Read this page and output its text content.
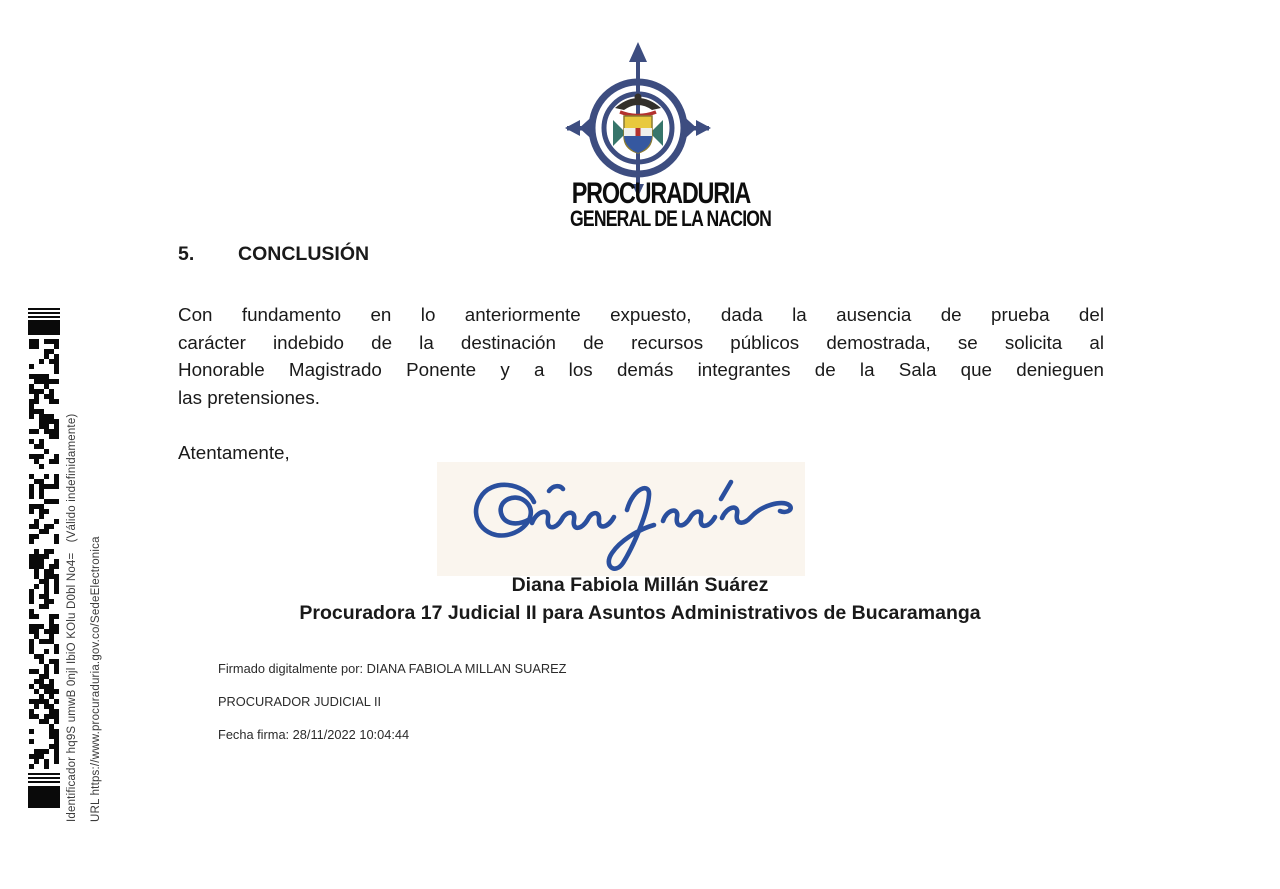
Identificador hq9S umwB 0njl IbiO KOlu D0bl No4=   (Válido indefinidamente) URL https://www.procuraduria.gov.co/SedeElectronica
PROCURADURIA
GENERAL DE LA NACION
5. CONCLUSIÓN
Con fundamento en lo anteriormente expuesto, dada la ausencia de prueba del
carácter indebido de la destinación de recursos públicos demostrada, se solicita al
Honorable Magistrado Ponente y a los demás integrantes de la Sala que denieguen
las pretensiones.
Atentamente,
Diana Fabiola Millán Suárez
Procuradora 17 Judicial II para Asuntos Administrativos de Bucaramanga
Firmado digitalmente por: DIANA FABIOLA MILLAN SUAREZ
PROCURADOR JUDICIAL II
Fecha firma: 28/11/2022 10:04:44
